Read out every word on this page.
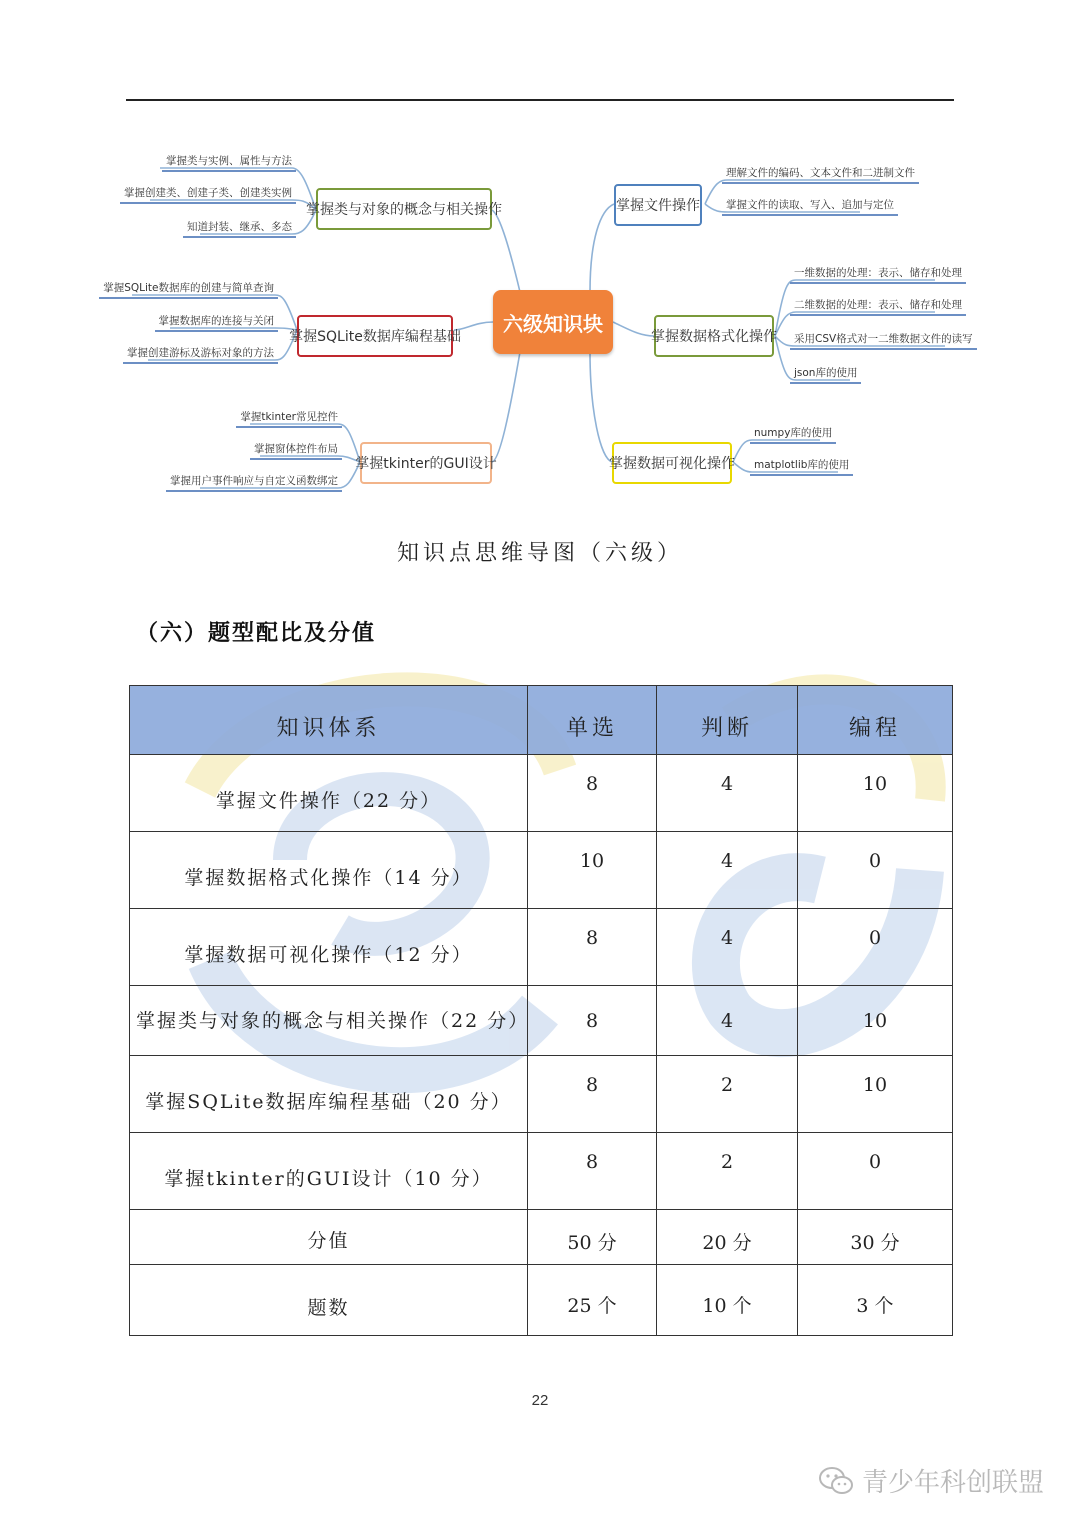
六级知识块
掌握类与对象的概念与相关操作
掌握SQLite数据库编程基础
掌握tkinter的GUI设计
掌握文件操作
掌握数据格式化操作
掌握数据可视化操作
掌握类与实例、属性与方法
掌握创建类、创建子类、创建类实例
知道封装、继承、多态
掌握SQLite数据库的创建与简单查询
掌握数据库的连接与关闭
掌握创建游标及游标对象的方法
掌握tkinter常见控件
掌握窗体控件布局
掌握用户事件响应与自定义函数绑定
理解文件的编码、文本文件和二进制文件
掌握文件的读取、写入、追加与定位
一维数据的处理：表示、储存和处理
二维数据的处理：表示、储存和处理
采用CSV格式对一二维数据文件的读写
json库的使用
numpy库的使用
matplotlib库的使用
知识点思维导图（六级）
（六）题型配比及分值
知识体系	单选	判断	编程
掌握文件操作（22 分）	8	4	10
掌握数据格式化操作（14 分）	10	4	0
掌握数据可视化操作（12 分）	8	4	0
掌握类与对象的概念与相关操作（22 分）	8	4	10
掌握SQLite数据库编程基础（20 分）	8	2	10
掌握tkinter的GUI设计（10 分）	8	2	0
分值	50 分	20 分	30 分
题数	25 个	10 个	3 个
22
青少年科创联盟
